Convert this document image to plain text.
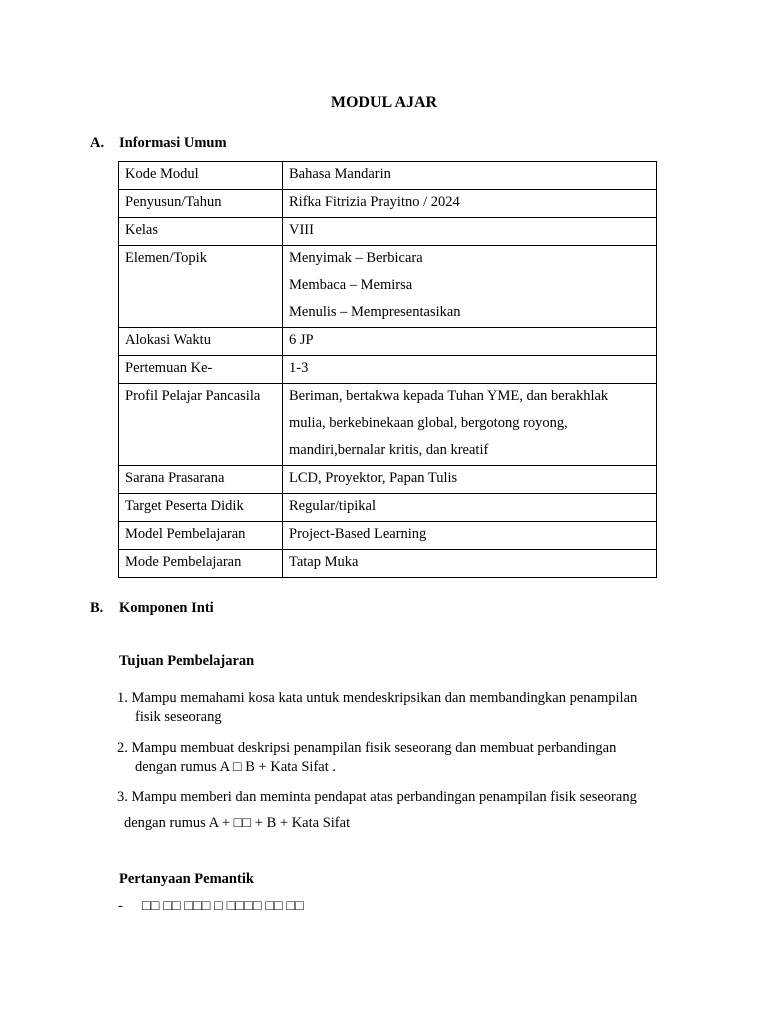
MODUL AJAR
A. Informasi Umum
Kode Modul	Bahasa Mandarin

Penyusun/Tahun	Rifka Fitrizia Prayitno / 2024

Kelas	VIII

Elemen/Topik	Menyimak – Berbicara
Membaca – Memirsa
Menulis – Mempresentasikan

Alokasi Waktu	6 JP

Pertemuan Ke-	1-3

Profil Pelajar Pancasila	Beriman, bertakwa kepada Tuhan YME, dan berakhlak
mulia, berkebinekaan global, bergotong royong,
mandiri,bernalar kritis, dan kreatif

Sarana Prasarana	LCD, Proyektor, Papan Tulis

Target Peserta Didik	Regular/tipikal

Model Pembelajaran	Project-Based Learning

Mode Pembelajaran	Tatap Muka
B. Komponen Inti
Tujuan Pembelajaran
1. Mampu memahami kosa kata untuk mendeskripsikan dan membandingkan penampilan
fisik seseorang
2. Mampu membuat deskripsi penampilan fisik seseorang dan membuat perbandingan
dengan rumus A □ B + Kata Sifat .
3. Mampu memberi dan meminta pendapat atas perbandingan penampilan fisik seseorang
dengan rumus A + □□ + B + Kata Sifat
Pertanyaan Pemantik
- □□ □□ □□□ □ □□□□ □□ □□
